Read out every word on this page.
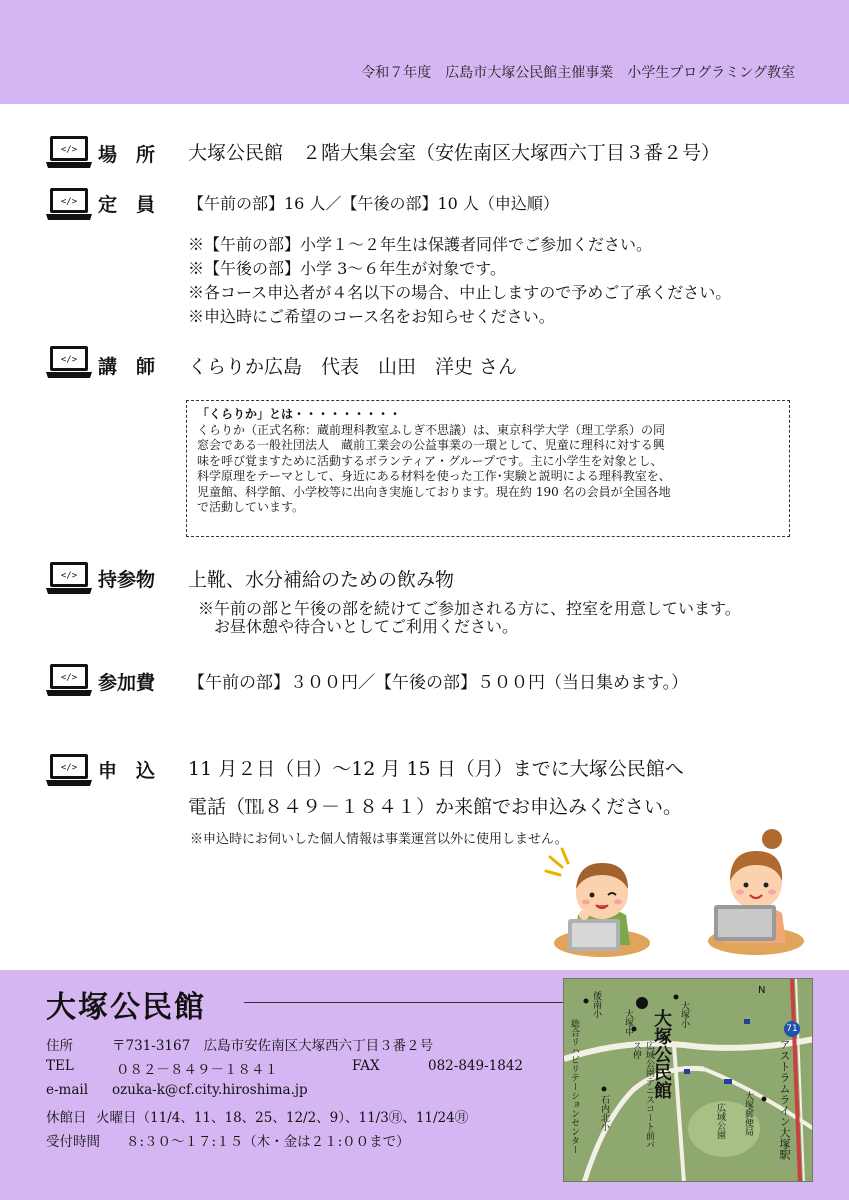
令和７年度　広島市大塚公民館主催事業　小学生プログラミング教室
</> 場　所 大塚公民館　２階大集会室（安佐南区大塚西六丁目３番２号）
</> 定　員 【午前の部】16 人／【午後の部】10 人（申込順）
※【午前の部】小学１～２年生は保護者同伴でご参加ください。
※【午後の部】小学 3～６年生が対象です。
※各コース申込者が４名以下の場合、中止しますので予めご了承ください。
※申込時にご希望のコース名をお知らせください。
</> 講　師 くらりか広島　代表　山田　洋史 さん
「くらりか」とは・・・・・・・・・
くらりか（正式名称：蔵前理科教室ふしぎ不思議）は、東京科学大学（理工学系）の同
窓会である一般社団法人　蔵前工業会の公益事業の一環として、児童に理科に対する興
味を呼び覚ますために活動するボランティア・グループです。主に小学生を対象とし、
科学原理をテーマとして、身近にある材料を使った工作･実験と説明による理科教室を、
児童館、科学館、小学校等に出向き実施しております。現在約 190 名の会員が全国各地
で活動しています。
</> 持参物 上靴、水分補給のための飲み物
※午前の部と午後の部を続けてご参加される方に、控室を用意しています。
　お昼休憩や待合いとしてご利用ください。
</> 参加費 【午前の部】３００円／【午後の部】５００円（当日集めます。）
</> 申　込 11 月２日（日）～12 月 15 日（月）までに大塚公民館へ
電話（℡８４９－１８４１）か来館でお申込みください。
※申込時にお伺いした個人情報は事業運営以外に使用しません。
大塚公民館
住所	〒731-3167　広島市安佐南区大塚西六丁目３番２号
TEL	０８２－８４９－１８４１	FAX	082-849-1842
e-mail ozuka-k@cf.city.hiroshima.jp
休館日 火曜日（11/4、11、18、25、12/2、9）、11/3㊊、11/24㊊
受付時間 ８:３０～１７:１５（木・金は２１:００まで）
N
71
倭南小	大塚小
大塚中 大塚公民館
広域公園テニスコート前バス停
広域公園
石内北小
総合リハビリテーションセンター	アストラムライン大塚駅
大塚郵便局
